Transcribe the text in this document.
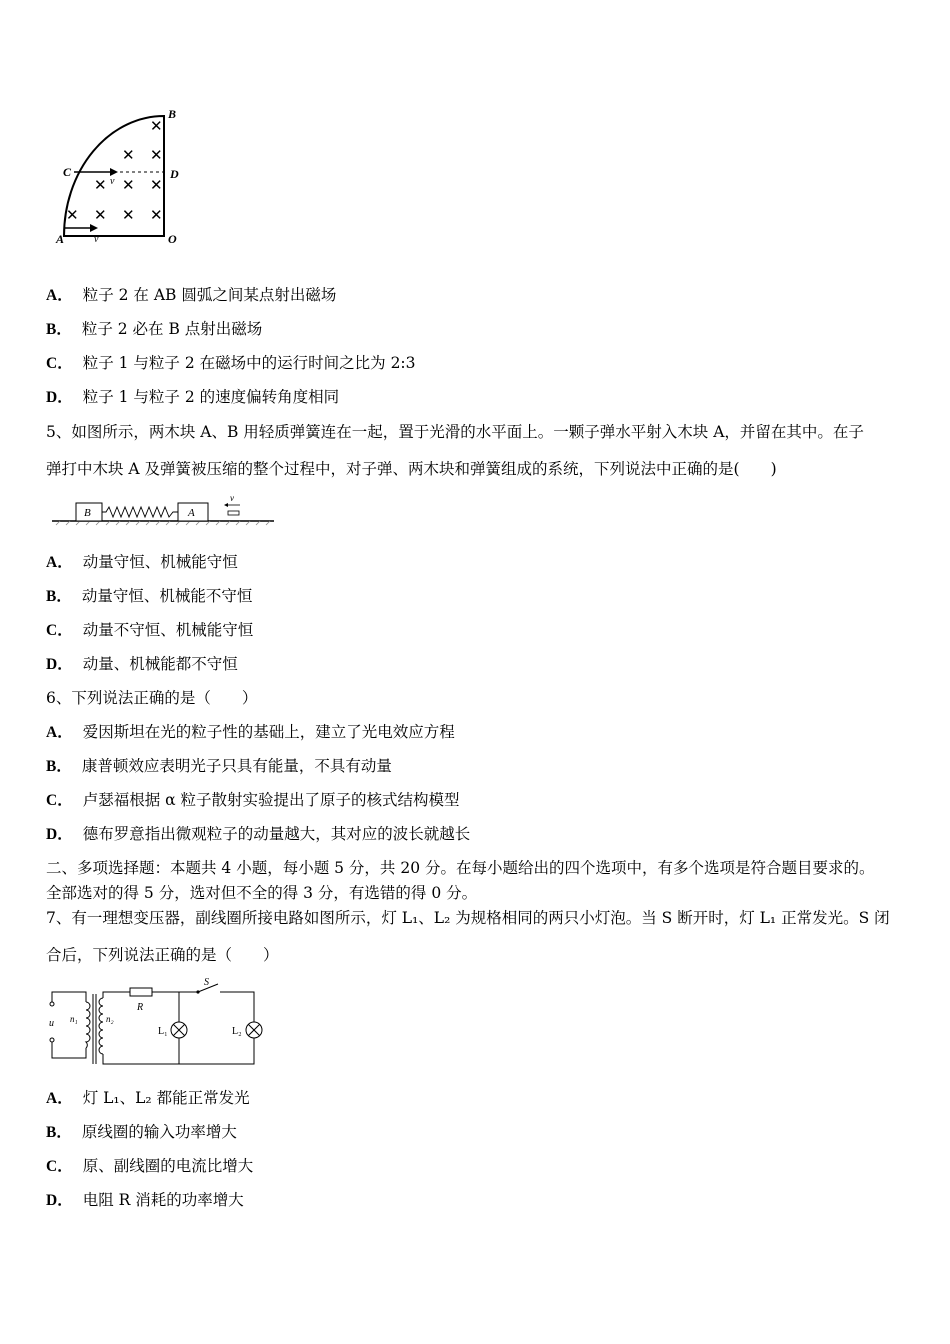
✕
✕ ✕
✕ ✕ ✕
✕ ✕ ✕ ✕
B
C	D
A	O
v
v
A． 粒子 2 在 AB 圆弧之间某点射出磁场
B． 粒子 2 必在 B 点射出磁场
C． 粒子 1 与粒子 2 在磁场中的运行时间之比为 2:3
D． 粒子 1 与粒子 2 的速度偏转角度相同
5、如图所示，两木块 A、B 用轻质弹簧连在一起，置于光滑的水平面上。一颗子弹水平射入木块 A，并留在其中。在子
弹打中木块 A 及弹簧被压缩的整个过程中，对子弹、两木块和弹簧组成的系统，下列说法中正确的是(　　)
B	A
v
A． 动量守恒、机械能守恒
B． 动量守恒、机械能不守恒
C． 动量不守恒、机械能守恒
D． 动量、机械能都不守恒
6、下列说法正确的是（　　）
A． 爱因斯坦在光的粒子性的基础上，建立了光电效应方程
B． 康普顿效应表明光子只具有能量，不具有动量
C． 卢瑟福根据 α 粒子散射实验提出了原子的核式结构模型
D． 德布罗意指出微观粒子的动量越大，其对应的波长就越长
二、多项选择题：本题共 4 小题，每小题 5 分，共 20 分。在每小题给出的四个选项中，有多个选项是符合题目要求的。
全部选对的得 5 分，选对但不全的得 3 分，有选错的得 0 分。
7、有一理想变压器，副线圈所接电路如图所示，灯 L₁、L₂ 为规格相同的两只小灯泡。当 S 断开时，灯 L₁ 正常发光。S 闭
合后，下列说法正确的是（　　）
u n₁	n₂
R
S
L₁	L₂
A． 灯 L₁、L₂ 都能正常发光
B． 原线圈的输入功率增大
C． 原、副线圈的电流比增大
D． 电阻 R 消耗的功率增大
